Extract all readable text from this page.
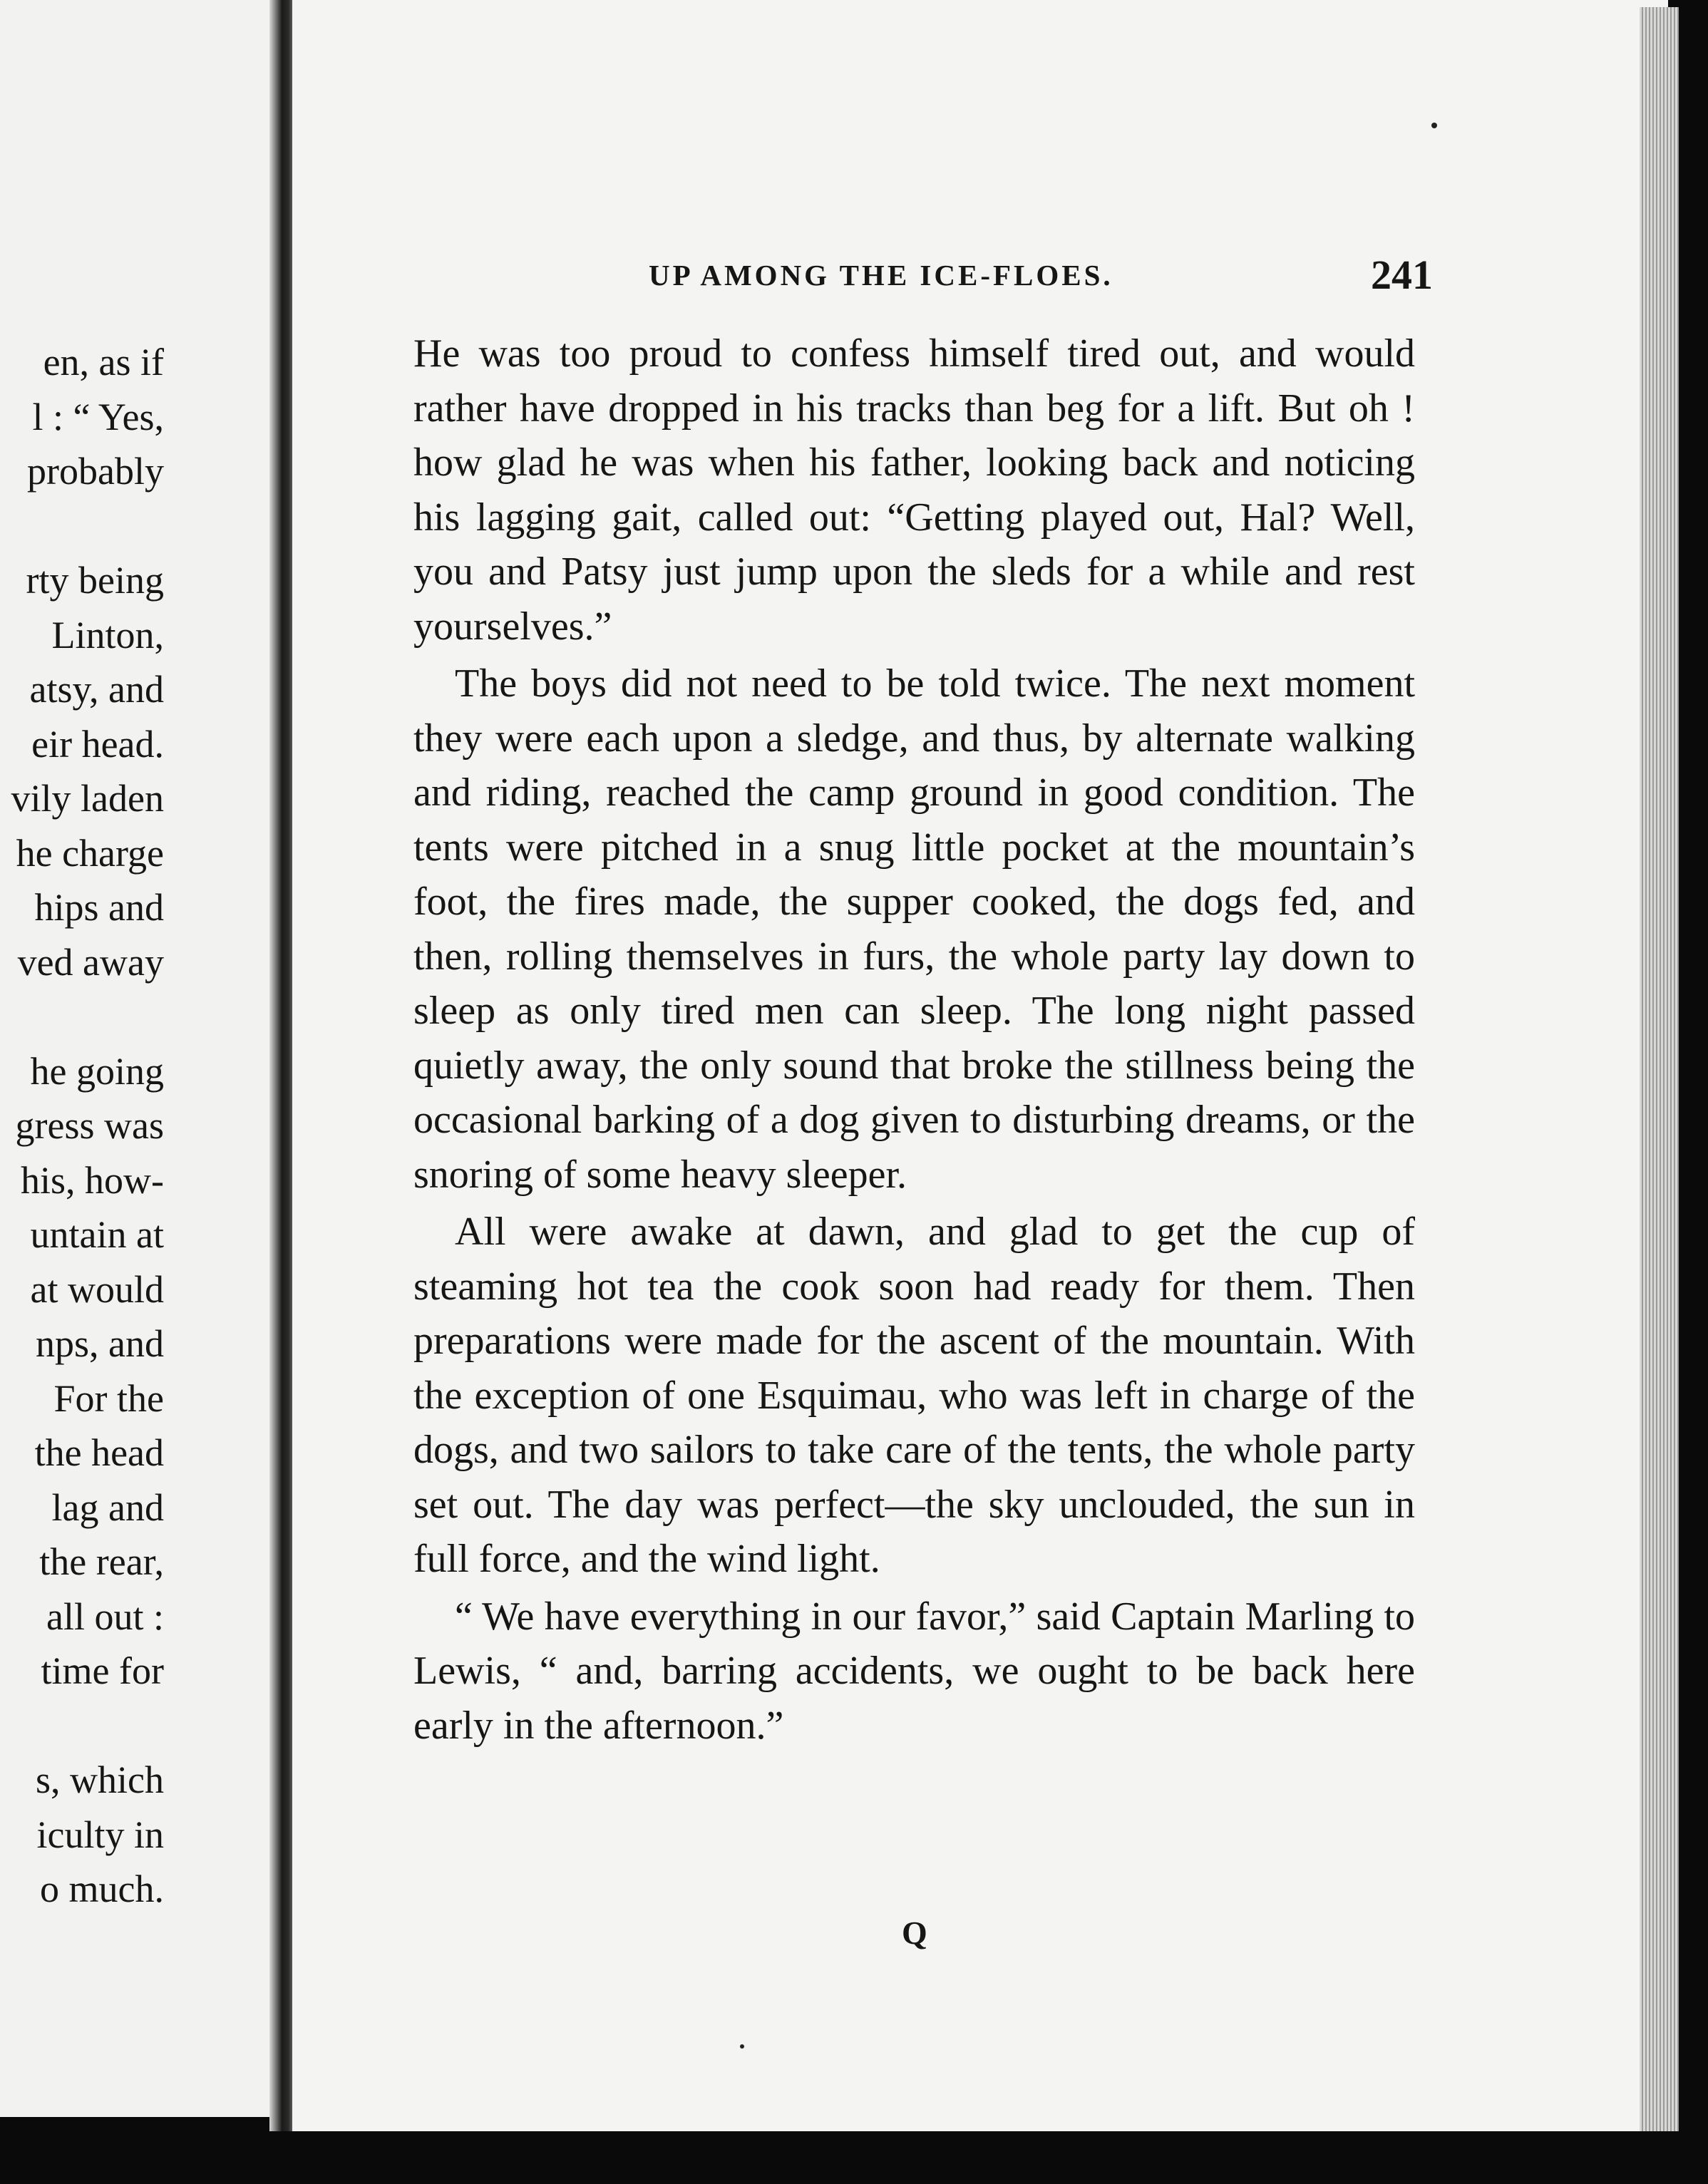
en, as if
l : “ Yes,
probably
rty being
Linton,
atsy, and
eir head.
vily laden
he charge
hips and
ved away
he going
gress was
his, how-
untain at
at would
nps, and
For the
the head
lag and
the rear,
all out :
time for
s, which
iculty in
o much.
UP AMONG THE ICE-FLOES.	241

He was too proud to confess himself tired out, and would rather have dropped in his tracks than beg for a lift. But oh ! how glad he was when his father, looking back and noticing his lagging gait, called out: “Getting played out, Hal? Well, you and Patsy just jump upon the sleds for a while and rest yourselves.”

The boys did not need to be told twice. The next moment they were each upon a sledge, and thus, by alternate walking and riding, reached the camp ground in good condition. The tents were pitched in a snug little pocket at the mountain’s foot, the fires made, the supper cooked, the dogs fed, and then, rolling themselves in furs, the whole party lay down to sleep as only tired men can sleep. The long night passed quietly away, the only sound that broke the stillness being the occasional barking of a dog given to disturbing dreams, or the snoring of some heavy sleeper.

All were awake at dawn, and glad to get the cup of steaming hot tea the cook soon had ready for them. Then preparations were made for the ascent of the mountain. With the exception of one Esquimau, who was left in charge of the dogs, and two sailors to take care of the tents, the whole party set out. The day was perfect—the sky unclouded, the sun in full force, and the wind light.

“ We have everything in our favor,” said Captain Marling to Lewis, “ and, barring accidents, we ought to be back here early in the afternoon.”

Q
